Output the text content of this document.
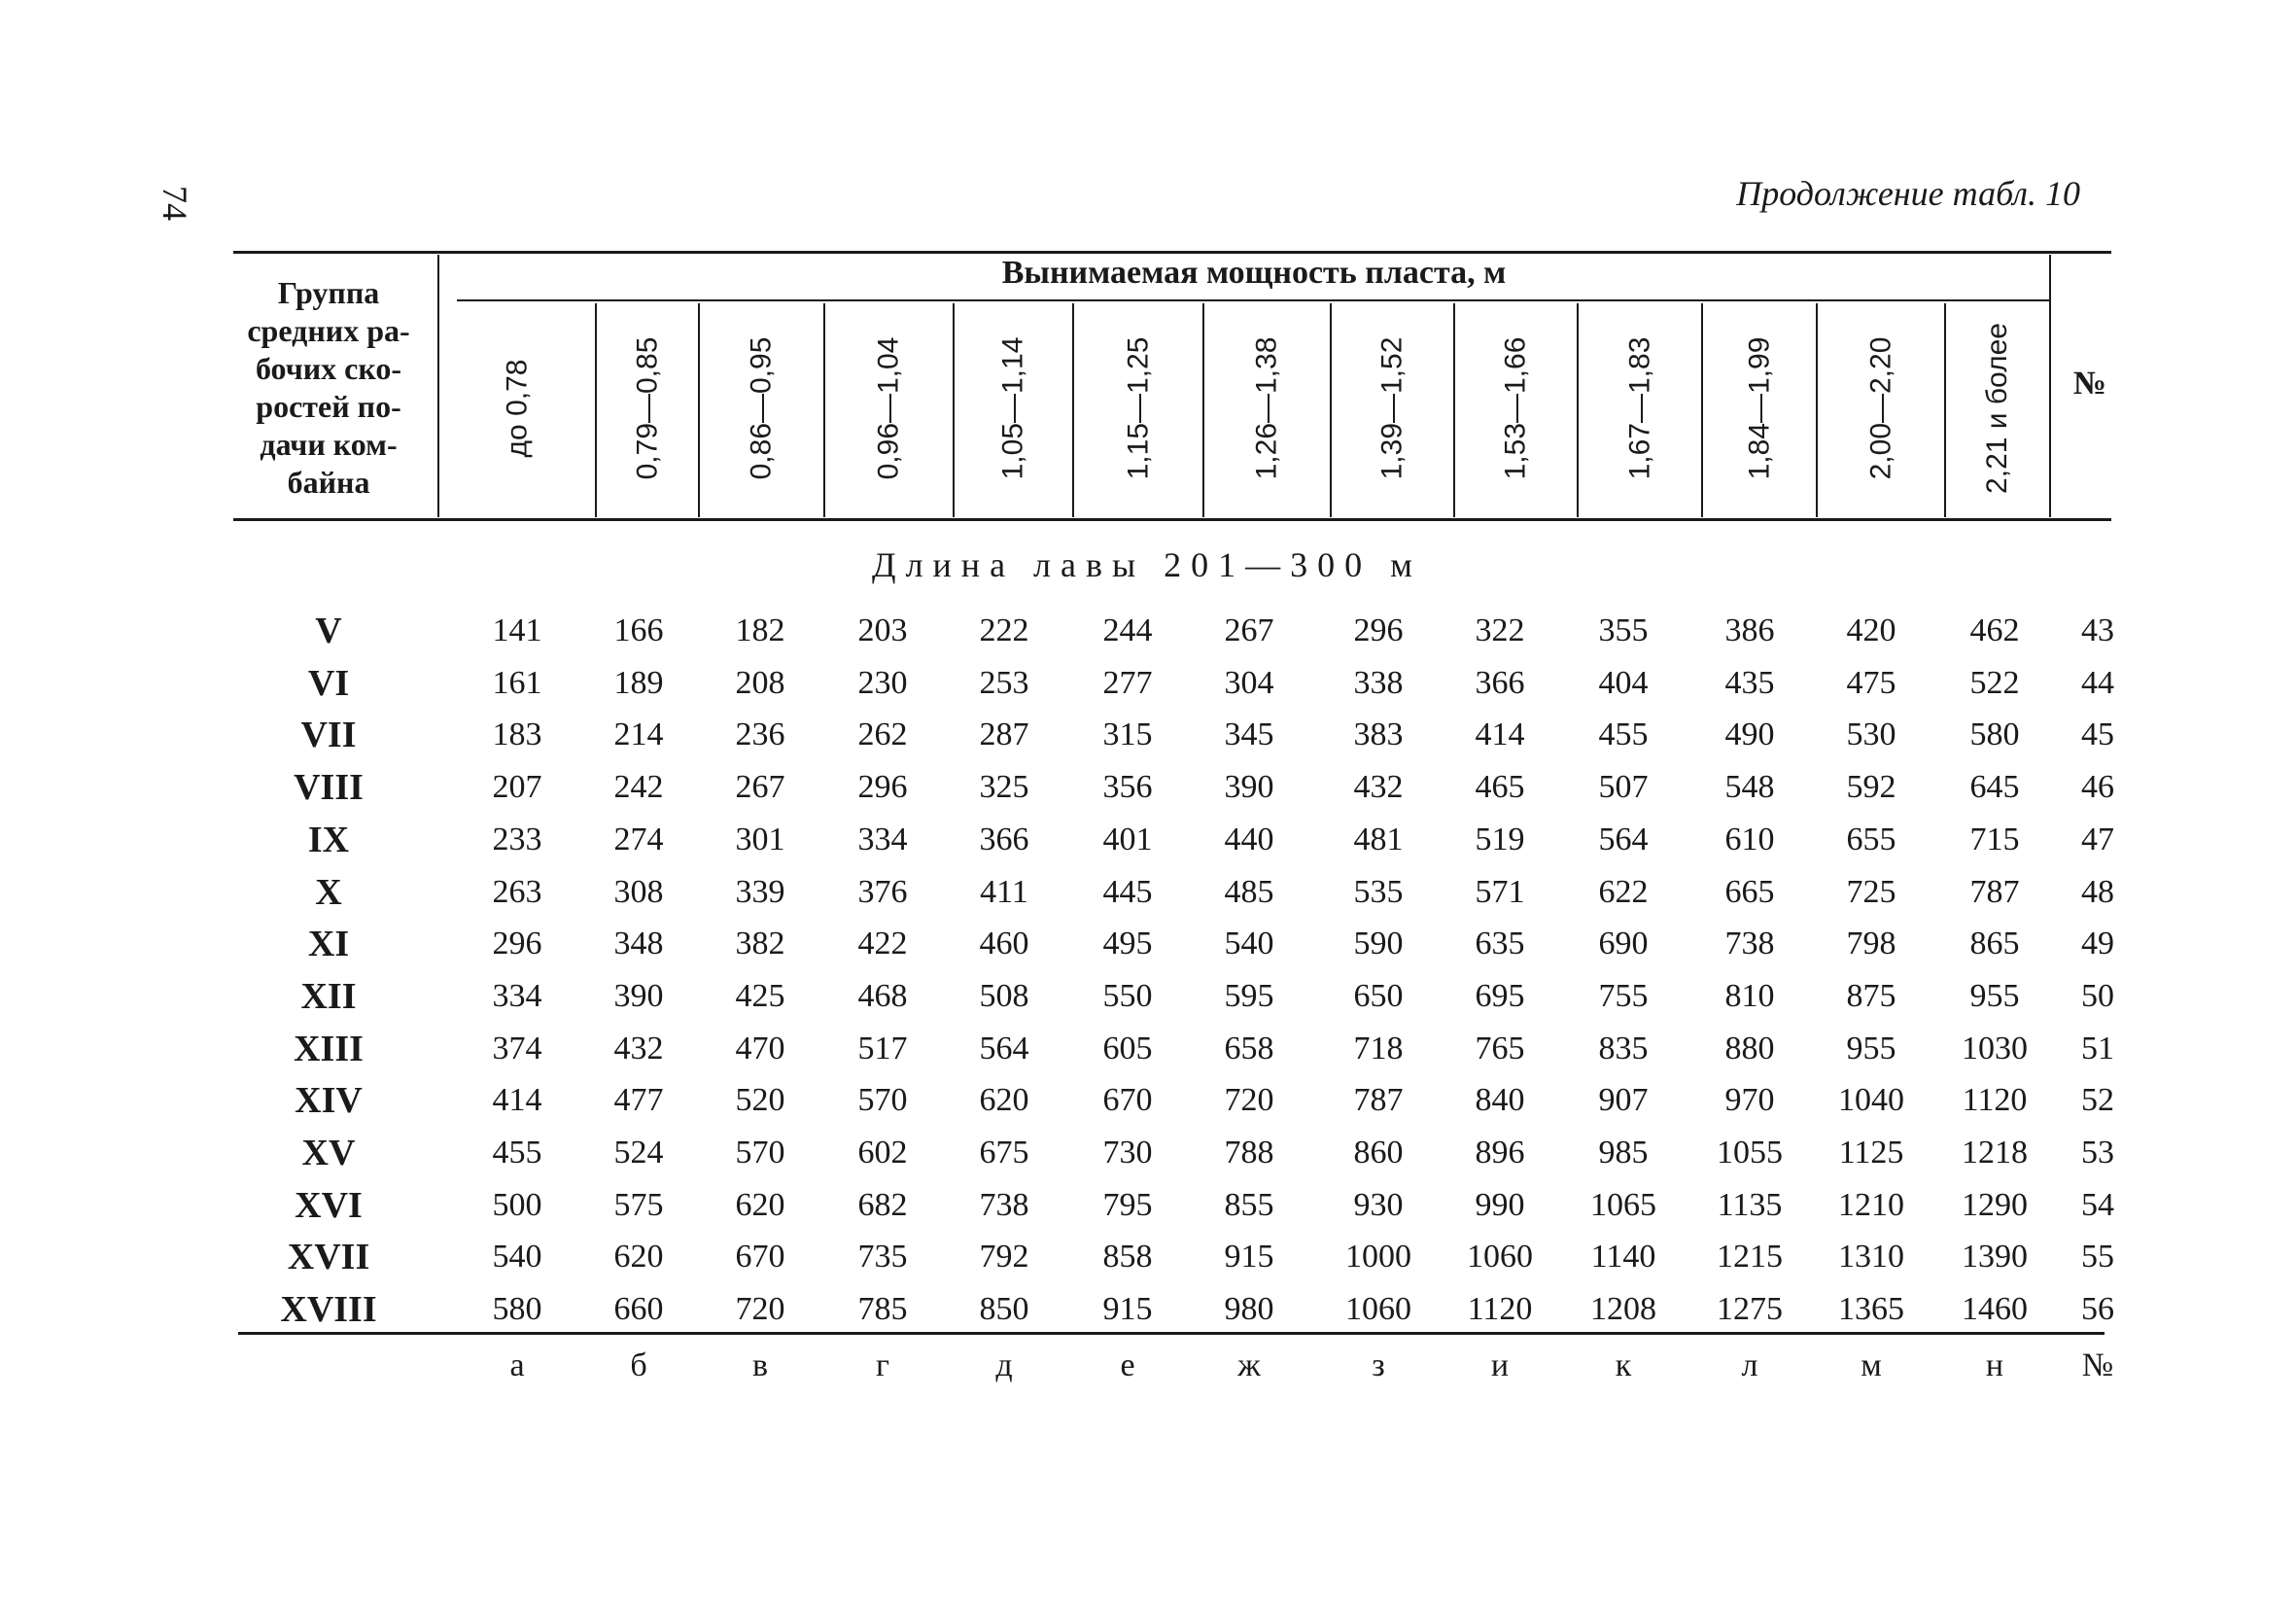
74	Продолжение табл. 10
Группа средних ра-бочих ско-ростей по-дачи ком-байна
Вынимаемая мощность пласта, м
№
до 0,78	0,79—0,85	0,86—0,95	0,96—1,04	1,05—1,14	1,15—1,25	1,26—1,38	1,39—1,52	1,53—1,66	1,67—1,83	1,84—1,99	2,00—2,20	2,21 и более
Длина лавы 201—300 м
V	141	166	182	203	222	244	267	296	322	355	386	420	462	43
VI	161	189	208	230	253	277	304	338	366	404	435	475	522	44
VII	183	214	236	262	287	315	345	383	414	455	490	530	580	45
VIII	207	242	267	296	325	356	390	432	465	507	548	592	645	46
IX	233	274	301	334	366	401	440	481	519	564	610	655	715	47
X	263	308	339	376	411	445	485	535	571	622	665	725	787	48
XI	296	348	382	422	460	495	540	590	635	690	738	798	865	49
XII	334	390	425	468	508	550	595	650	695	755	810	875	955	50
XIII	374	432	470	517	564	605	658	718	765	835	880	955	1030	51
XIV	414	477	520	570	620	670	720	787	840	907	970	1040	1120	52
XV	455	524	570	602	675	730	788	860	896	985	1055	1125	1218	53
XVI	500	575	620	682	738	795	855	930	990	1065	1135	1210	1290	54
XVII	540	620	670	735	792	858	915	1000	1060	1140	1215	1310	1390	55
XVIII	580	660	720	785	850	915	980	1060	1120	1208	1275	1365	1460	56
а	б	в	г	д	е	ж	з	и	к	л	м	н	№
